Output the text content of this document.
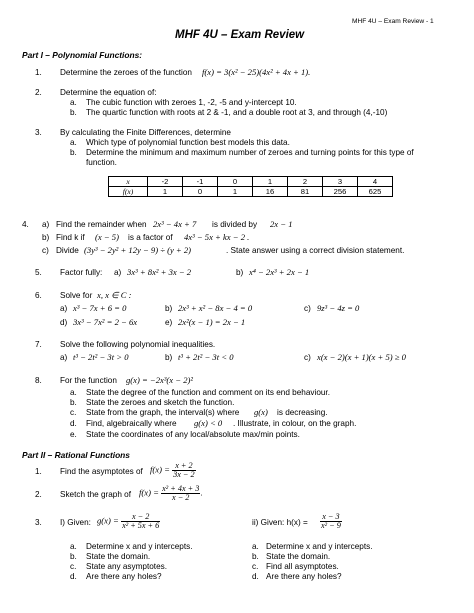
MHF 4U – Exam Review - 1
MHF 4U – Exam Review
Part I – Polynomial Functions:
1. Determine the zeroes of the function f(x) = 3(x² − 25)(4x² + 4x + 1).
2. Determine the equation of:
a. The cubic function with zeroes 1, -2, -5 and y-intercept 10.
b. The quartic function with roots at 2 & -1, and a double root at 3, and through (4,-10)
3. By calculating the Finite Differences, determine
a. Which type of polynomial function best models this data.
b. Determine the minimum and maximum number of zeroes and turning points for this type of
function.
x	-2	-1	0	1	2	3	4
f(x)	1	0	1	16	81	256	625
4. a) Find the remainder when 2x³ − 4x + 7 is divided by 2x − 1
b) Find k if (x − 5) is a factor of 4x³ − 5x + kx − 2 .
c) Divide (3y³ − 2y² + 12y − 9) ÷ (y + 2)	. State answer using a correct division statement.
5. Factor fully: a) 3x³ + 8x² + 3x − 2	b) x⁴ − 2x³ + 2x − 1
6. Solve for x, x ∈ C :
a) x³ − 7x + 6 = 0	b) 2x³ + x² − 8x − 4 = 0	c) 9z³ − 4z = 0
d) 3x³ − 7x² = 2 − 6x	e) 2x²(x − 1) = 2x − 1
7. Solve the following polynomial inequalities.
a) t³ − 2t² − 3t > 0	b) t³ + 2t² − 3t < 0	c) x(x − 2)(x + 1)(x + 5) ≥ 0
8. For the function g(x) = −2x³(x − 2)²
a. State the degree of the function and comment on its end behaviour.
b. State the zeroes and sketch the function.
c. State from the graph, the interval(s) where g(x) is decreasing.
d. Find, algebraically where g(x) < 0 . Illustrate, in colour, on the graph.
e. State the coordinates of any local/absolute max/min points.
Part II – Rational Functions
1. Find the asymptotes of $f(x) = \frac{x + 2}{3x - 2}$
2. Sketch the graph of $f(x) = \frac{\text{x² + 4x + 3}}{x - 2}$ .
3. I) Given: $g(x) = \frac{x - 2}{\text{x² + 5x + 6}}$	ii) Given: $h(x) = \frac{x - 3}{\text{x² − 9}}$
a. Determine x and y intercepts.
b. State the domain.
c. State any asymptotes.
d. Are there any holes?
a. Determine x and y intercepts.
b. State the domain.
c. Find all asymptotes.
d. Are there any holes?
